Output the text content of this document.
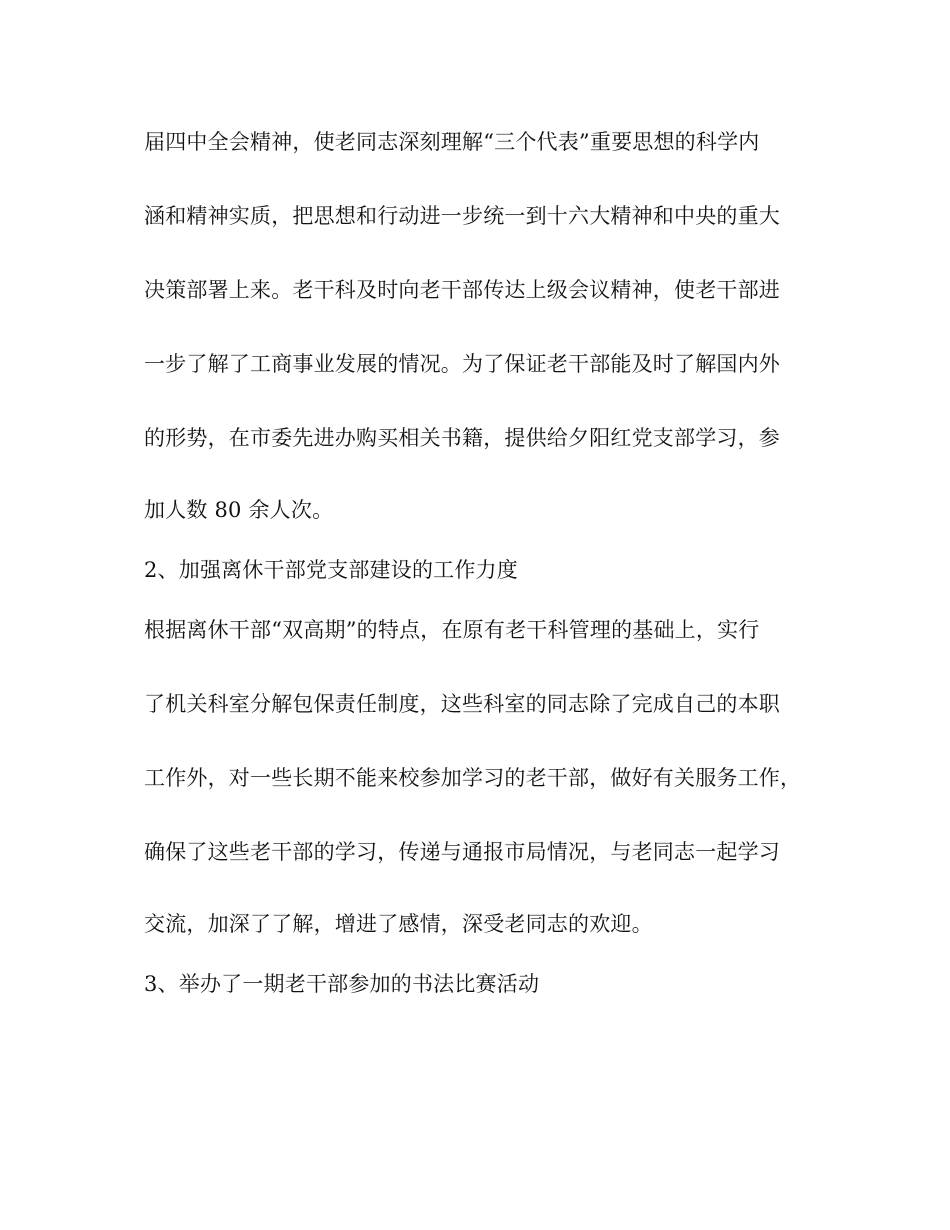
届四中全会精神，使老同志深刻理解“三个代表”重要思想的科学内
涵和精神实质，把思想和行动进一步统一到十六大精神和中央的重大
决策部署上来。老干科及时向老干部传达上级会议精神，使老干部进
一步了解了工商事业发展的情况。为了保证老干部能及时了解国内外
的形势，在市委先进办购买相关书籍，提供给夕阳红党支部学习，参
加人数 80 余人次。
2、加强离休干部党支部建设的工作力度
根据离休干部“双高期”的特点，在原有老干科管理的基础上，实行
了机关科室分解包保责任制度，这些科室的同志除了完成自己的本职
工作外，对一些长期不能来校参加学习的老干部，做好有关服务工作，
确保了这些老干部的学习，传递与通报市局情况，与老同志一起学习
交流，加深了了解，增进了感情，深受老同志的欢迎。
3、举办了一期老干部参加的书法比赛活动
